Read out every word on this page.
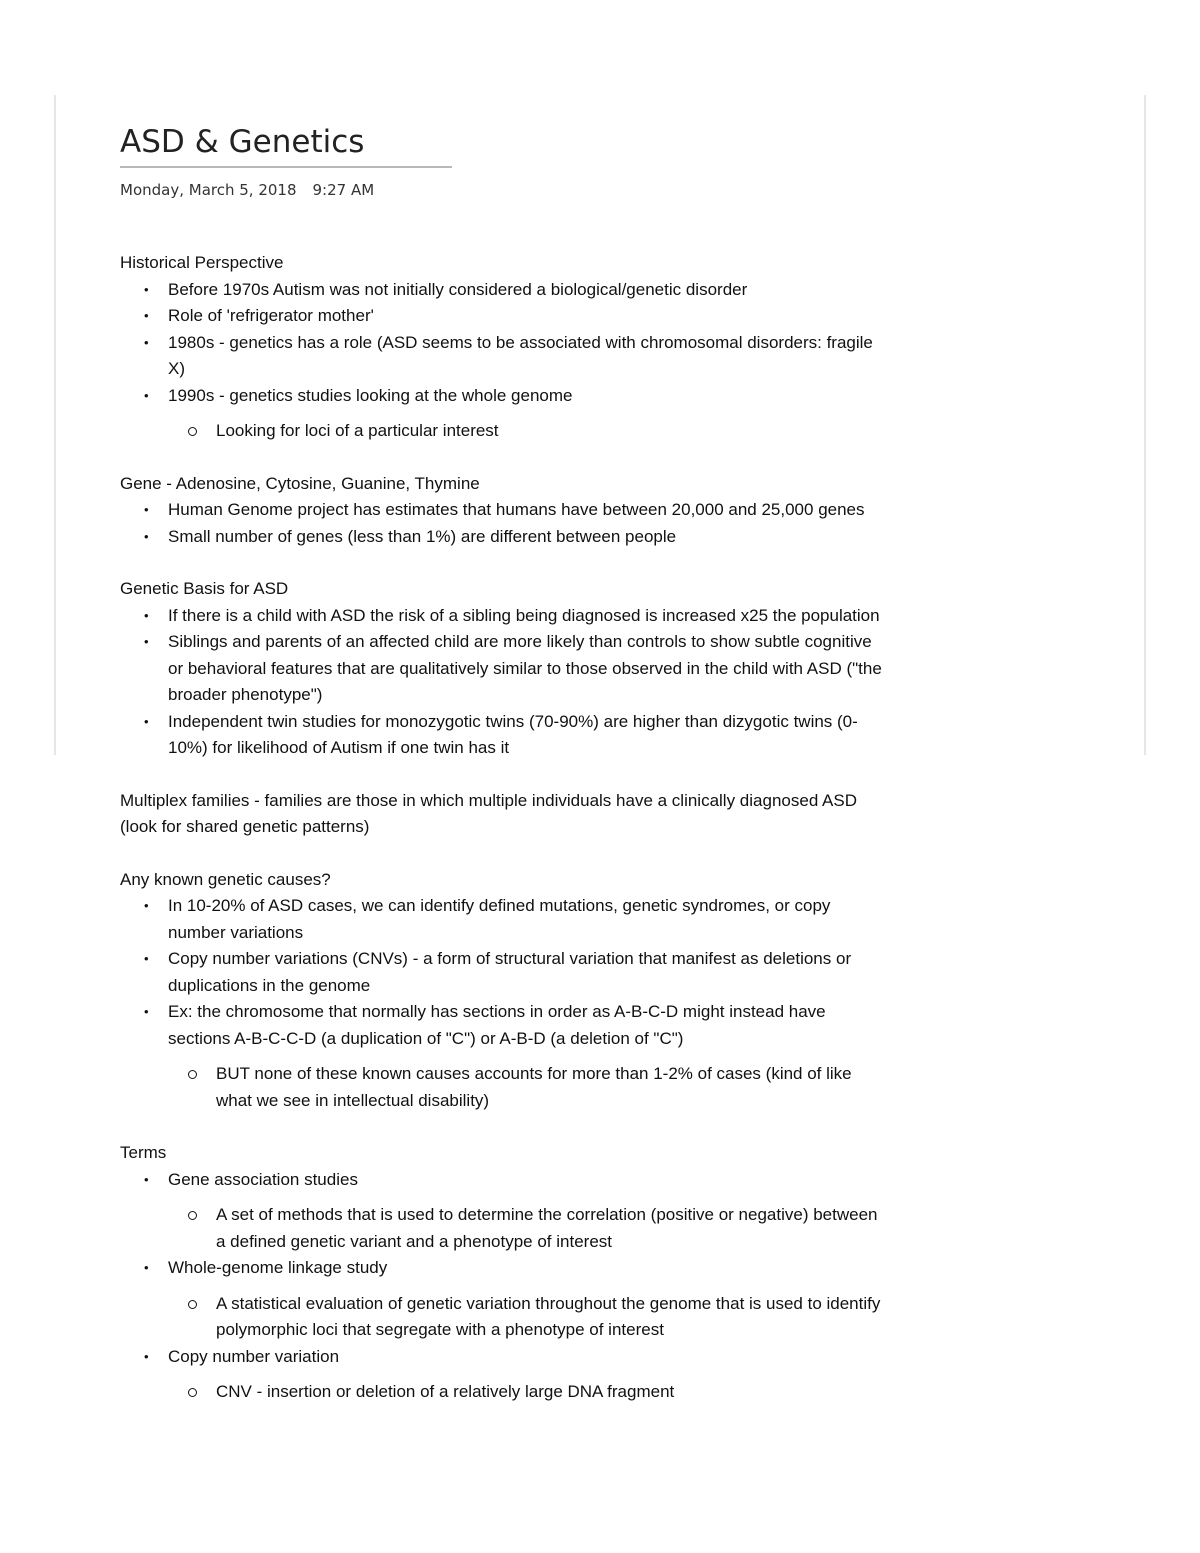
ASD & Genetics
Monday, March 5, 2018 9:27 AM

Historical Perspective

• Before 1970s Autism was not initially considered a biological/genetic disorder
• Role of 'refrigerator mother'
• 1980s - genetics has a role (ASD seems to be associated with chromosomal disorders: fragile X)
• 1990s - genetics studies looking at the whole genome
Looking for loci of a particular interest

Gene - Adenosine, Cytosine, Guanine, Thymine

• Human Genome project has estimates that humans have between 20,000 and 25,000 genes
• Small number of genes (less than 1%) are different between people

Genetic Basis for ASD

• If there is a child with ASD the risk of a sibling being diagnosed is increased x25 the population
• Siblings and parents of an affected child are more likely than controls to show subtle cognitive or behavioral features that are qualitatively similar to those observed in the child with ASD ("the broader phenotype")
• Independent twin studies for monozygotic twins (70-90%) are higher than dizygotic twins (0-10%) for likelihood of Autism if one twin has it

Multiplex families - families are those in which multiple individuals have a clinically diagnosed ASD (look for shared genetic patterns)

Any known genetic causes?

• In 10-20% of ASD cases, we can identify defined mutations, genetic syndromes, or copy number variations
• Copy number variations (CNVs) - a form of structural variation that manifest as deletions or duplications in the genome
• Ex: the chromosome that normally has sections in order as A-B-C-D might instead have sections A-B-C-C-D (a duplication of "C") or A-B-D (a deletion of "C")
BUT none of these known causes accounts for more than 1-2% of cases (kind of like what we see in intellectual disability)

Terms

• Gene association studies
A set of methods that is used to determine the correlation (positive or negative) between a defined genetic variant and a phenotype of interest
• Whole-genome linkage study
A statistical evaluation of genetic variation throughout the genome that is used to identify polymorphic loci that segregate with a phenotype of interest
• Copy number variation
CNV - insertion or deletion of a relatively large DNA fragment
